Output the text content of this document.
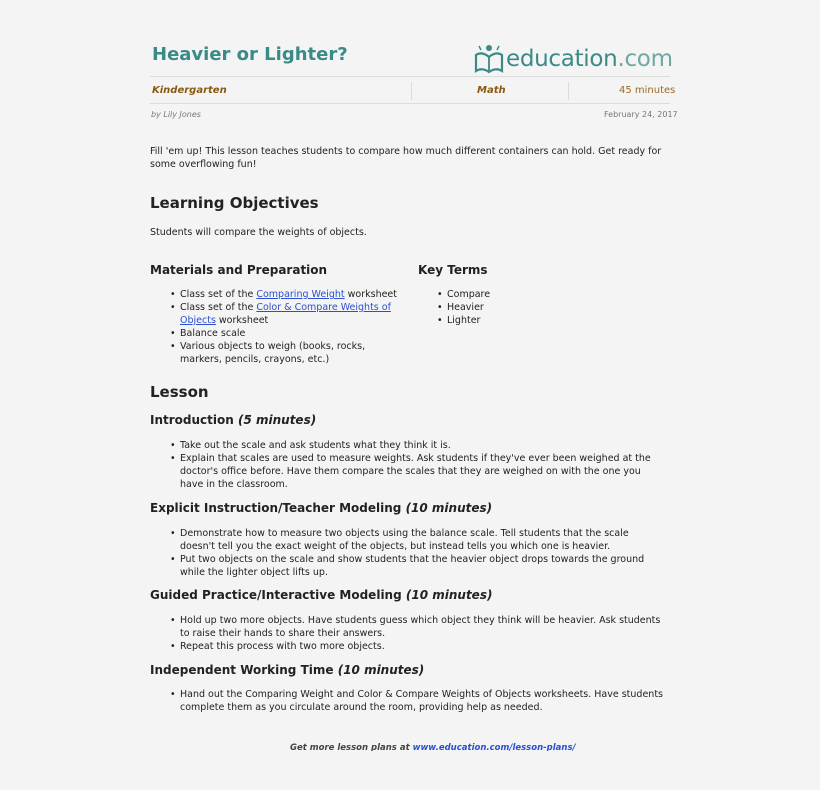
Heavier or Lighter?	education.com
Kindergarten	Math	45 minutes
by Lily Jones	February 24, 2017
Fill 'em up! This lesson teaches students to compare how much different containers can hold. Get ready for some overflowing fun!
Learning Objectives
Students will compare the weights of objects.
Materials and Preparation
• Class set of the Comparing Weight worksheet
• Class set of the Color & Compare Weights of Objects worksheet
• Balance scale
• Various objects to weigh (books, rocks, markers, pencils, crayons, etc.)
Key Terms
• Compare
• Heavier
• Lighter
Lesson
Introduction (5 minutes)
• Take out the scale and ask students what they think it is.
• Explain that scales are used to measure weights. Ask students if they've ever been weighed at the doctor's office before. Have them compare the scales that they are weighed on with the one you have in the classroom.
Explicit Instruction/Teacher Modeling (10 minutes)
• Demonstrate how to measure two objects using the balance scale. Tell students that the scale doesn't tell you the exact weight of the objects, but instead tells you which one is heavier.
• Put two objects on the scale and show students that the heavier object drops towards the ground while the lighter object lifts up.
Guided Practice/Interactive Modeling (10 minutes)
• Hold up two more objects. Have students guess which object they think will be heavier. Ask students to raise their hands to share their answers.
• Repeat this process with two more objects.
Independent Working Time (10 minutes)
• Hand out the Comparing Weight and Color & Compare Weights of Objects worksheets. Have students complete them as you circulate around the room, providing help as needed.
Get more lesson plans at www.education.com/lesson-plans/
